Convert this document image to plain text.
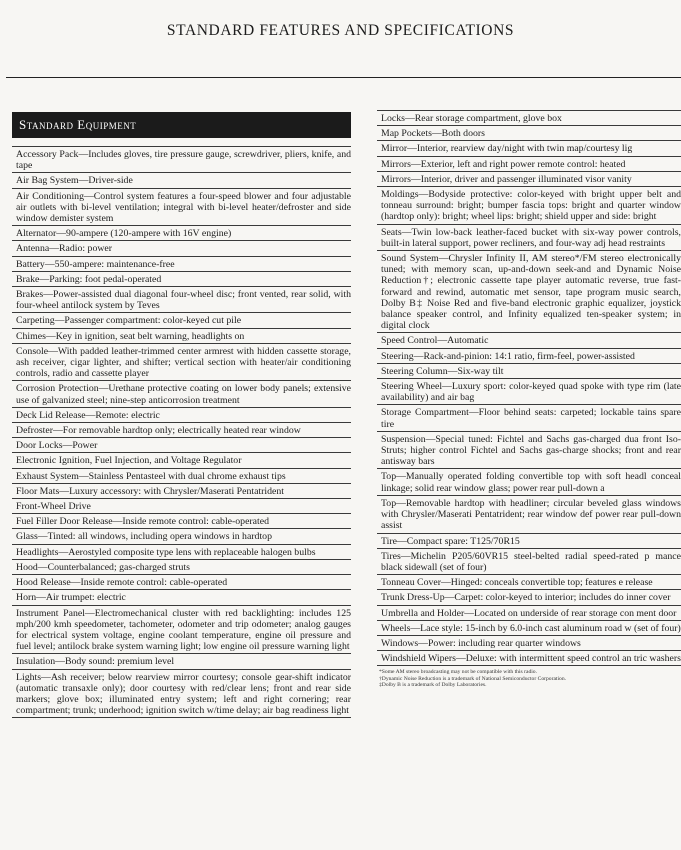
STANDARD FEATURES AND SPECIFICATIONS
Standard Equipment
Accessory Pack—Includes gloves, tire pressure gauge, screwdriver, pliers, knife, and tape
Air Bag System—Driver-side
Air Conditioning—Control system features a four-speed blower and four adjustable air outlets with bi-level ventilation; integral with bi-level heater/defroster and side window demister system
Alternator—90-ampere (120-ampere with 16V engine)
Antenna—Radio: power
Battery—550-ampere: maintenance-free
Brake—Parking: foot pedal-operated
Brakes—Power-assisted dual diagonal four-wheel disc; front vented, rear solid, with four-wheel antilock system by Teves
Carpeting—Passenger compartment: color-keyed cut pile
Chimes—Key in ignition, seat belt warning, headlights on
Console—With padded leather-trimmed center armrest with hidden cassette storage, ash receiver, cigar lighter, and shifter; vertical section with heater/air conditioning controls, radio and cassette player
Corrosion Protection—Urethane protective coating on lower body panels; extensive use of galvanized steel; nine-step anticorrosion treatment
Deck Lid Release—Remote: electric
Defroster—For removable hardtop only; electrically heated rear window
Door Locks—Power
Electronic Ignition, Fuel Injection, and Voltage Regulator
Exhaust System—Stainless Pentasteel with dual chrome exhaust tips
Floor Mats—Luxury accessory: with Chrysler/Maserati Pentatrident
Front-Wheel Drive
Fuel Filler Door Release—Inside remote control: cable-operated
Glass—Tinted: all windows, including opera windows in hardtop
Headlights—Aerostyled composite type lens with replaceable halogen bulbs
Hood—Counterbalanced; gas-charged struts
Hood Release—Inside remote control: cable-operated
Horn—Air trumpet: electric
Instrument Panel—Electromechanical cluster with red backlighting: includes 125 mph/200 kmh speedometer, tachometer, odometer and trip odometer; analog gauges for electrical system voltage, engine coolant temperature, engine oil pressure and fuel level; antilock brake system warning light; low engine oil pressure warning light
Insulation—Body sound: premium level
Lights—Ash receiver; below rearview mirror courtesy; console gear-shift indicator (automatic transaxle only); door courtesy with red/clear lens; front and rear side markers; glove box; illuminated entry system; left and right cornering; rear compartment; trunk; underhood; ignition switch w/time delay; air bag readiness light
Locks—Rear storage compartment, glove box
Map Pockets—Both doors
Mirror—Interior, rearview day/night with twin map/courtesy lig
Mirrors—Exterior, left and right power remote control: heated
Mirrors—Interior, driver and passenger illuminated visor vanity
Moldings—Bodyside protective: color-keyed with bright upper belt and tonneau surround: bright; bumper fascia tops: bright and quarter window (hardtop only): bright; wheel lips: bright; shield upper and side: bright
Seats—Twin low-back leather-faced bucket with six-way power controls, built-in lateral support, power recliners, and four-way adj head restraints
Sound System—Chrysler Infinity II, AM stereo*/FM stereo electronically tuned; with memory scan, up-and-down seek-and and Dynamic Noise Reduction†; electronic cassette tape player automatic reverse, true fast-forward and rewind, automatic met sensor, tape program music search, Dolby B‡ Noise Red and five-band electronic graphic equalizer, joystick balance speaker control, and Infinity equalized ten-speaker system; in digital clock
Speed Control—Automatic
Steering—Rack-and-pinion: 14:1 ratio, firm-feel, power-assisted
Steering Column—Six-way tilt
Steering Wheel—Luxury sport: color-keyed quad spoke with type rim (late availability) and air bag
Storage Compartment—Floor behind seats: carpeted; lockable tains spare tire
Suspension—Special tuned: Fichtel and Sachs gas-charged dua front Iso-Struts; higher control Fichtel and Sachs gas-charge shocks; front and rear antisway bars
Top—Manually operated folding convertible top with soft headl conceal linkage; solid rear window glass; power rear pull-down a
Top—Removable hardtop with headliner; circular beveled glass windows with Chrysler/Maserati Pentatrident; rear window def power rear pull-down assist
Tire—Compact spare: T125/70R15
Tires—Michelin P205/60VR15 steel-belted radial speed-rated p mance black sidewall (set of four)
Tonneau Cover—Hinged: conceals convertible top; features e release
Trunk Dress-Up—Carpet: color-keyed to interior; includes do inner cover
Umbrella and Holder—Located on underside of rear storage con ment door
Wheels—Lace style: 15-inch by 6.0-inch cast aluminum road w (set of four)
Windows—Power: including rear quarter windows
Windshield Wipers—Deluxe: with intermittent speed control an tric washers
*Some AM stereo broadcasting may not be compatible with this radio.
†Dynamic Noise Reduction is a trademark of National Semiconductor Corporation.
‡Dolby B is a trademark of Dolby Laboratories.
